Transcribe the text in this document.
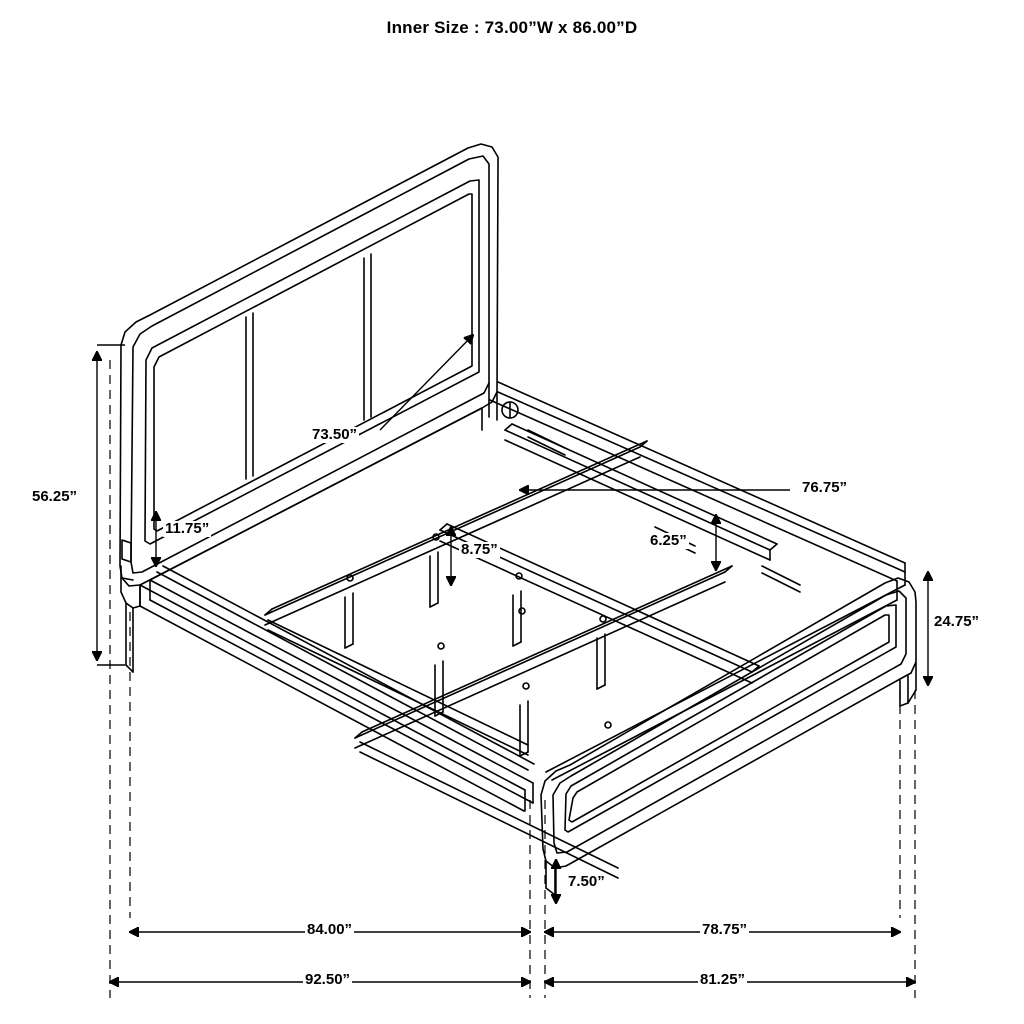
Inner Size : 73.00”W x 86.00”D
56.25”
73.50”
11.75”
8.75”
6.25”
76.75”
24.75”
7.50”
84.00”	78.75”
92.50”	81.25”
